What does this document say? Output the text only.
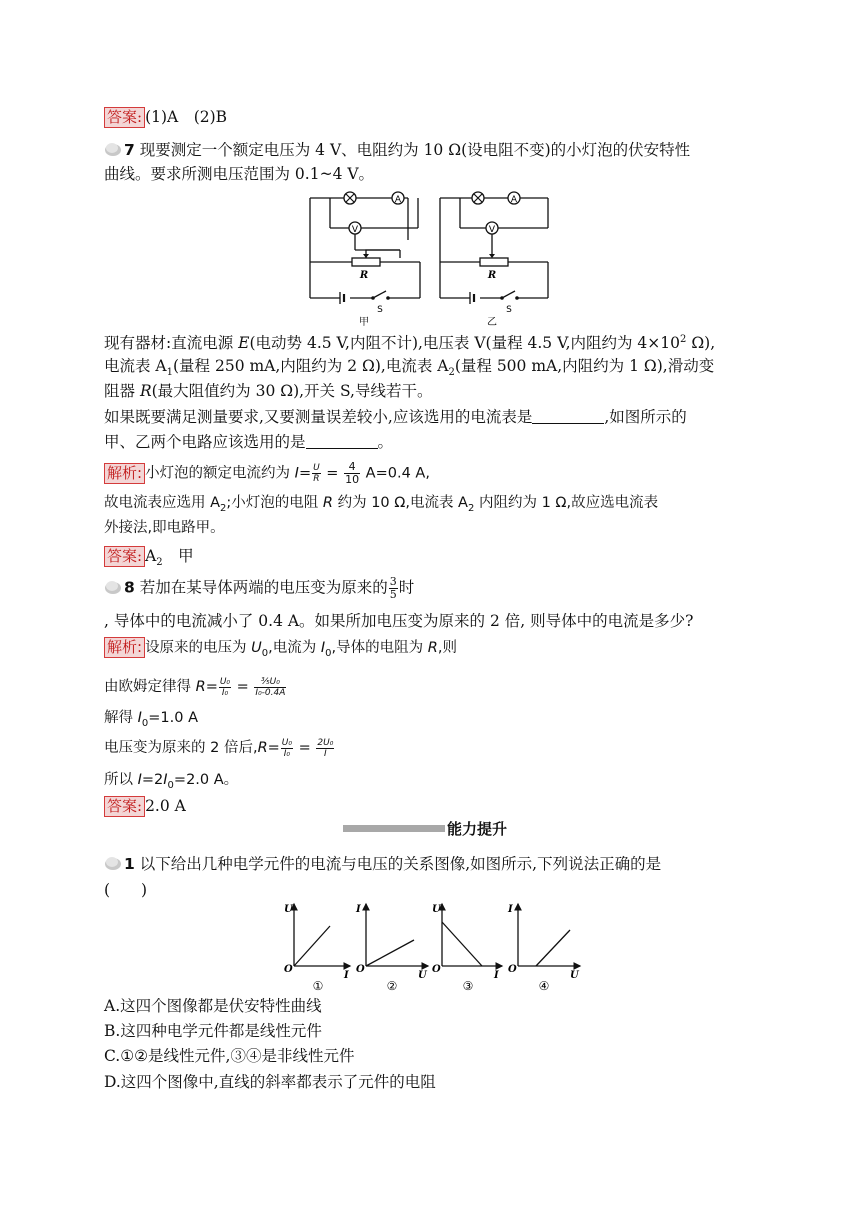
答案: (1)A　(2)B
7 现要测定一个额定电压为 4 V、电阻约为 10 Ω(设电阻不变)的小灯泡的伏安特性
曲线。要求所测电压范围为 0.1~4 V。
A
V
R
S
甲
A
V
R
S
乙
现有器材:直流电源 E(电动势 4.5 V,内阻不计),电压表 V(量程 4.5 V,内阻约为 $4\times 10^2$ Ω),
电流表 $A_1$(量程 250 mA,内阻约为 2 Ω),电流表 $A_2$(量程 500 mA,内阻约为 1 Ω),滑动变
阻器 R(最大阻值约为 30 Ω),开关 S,导线若干。
如果既要满足测量要求,又要测量误差较小,应该选用的电流表是	,如图所示的
甲、乙两个电路应该选用的是	。
解析: 小灯泡的额定电流约为 $I= \frac{U}{R} = \frac{4}{10} A=0.4$ A,
故电流表应选用 $A_2$;小灯泡的电阻 R 约为 10 Ω,电流表 $A_2$ 内阻约为 1 Ω,故应选电流表
外接法,即电路甲。
答案: $A_2$　甲
8 若加在某导体两端的电压变为原来的 $\frac{3}{5}$ 时
, 导体中的电流减小了 0.4 A。如果所加电压变为原来的 2 倍, 则导体中的电流是多少?
解析: 设原来的电压为 $U_0$,电流为 $I_0$,导体的电阻为 R,则
由欧姆定律得 $R= \frac{\text{U₀}}{\text{I₀}} = \frac{\text{³⁄₅U₀}}{\text{I₀-0.4A}}$
解得 $I_0=1.0$ A
电压变为原来的 2 倍后$,R= \frac{\text{U₀}}{\text{I₀}} = \frac{\text{2U₀}}{I}$
所以 $I=2I_0=2.0$ A。
答案: 2.0 A
能力提升
1 以下给出几种电学元件的电流与电压的关系图像,如图所示,下列说法正确的是
(　　)
U
I
O
①
I
U
O
②
U
I
O
③
I
U
O
④
A.这四个图像都是伏安特性曲线
B.这四种电学元件都是线性元件
C.①②是线性元件,③④是非线性元件
D.这四个图像中,直线的斜率都表示了元件的电阻
